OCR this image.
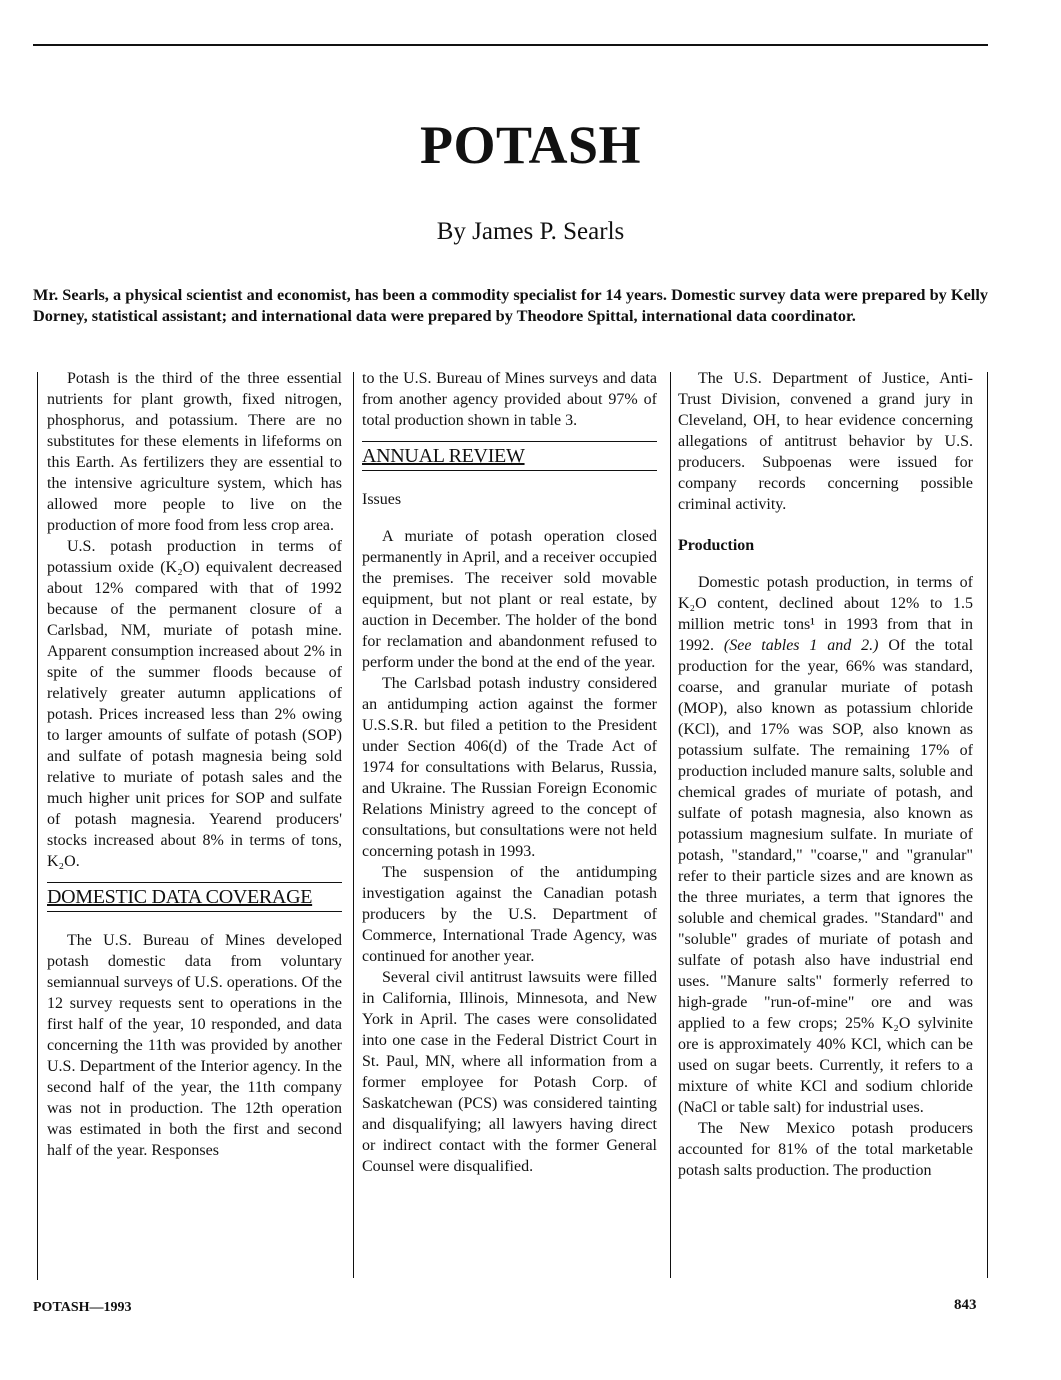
POTASH
By James P. Searls
Mr. Searls, a physical scientist and economist, has been a commodity specialist for 14 years. Domestic survey data were prepared by Kelly Dorney, statistical assistant; and international data were prepared by Theodore Spittal, international data coordinator.

Potash is the third of the three essential nutrients for plant growth, fixed nitrogen, phosphorus, and potassium. There are no substitutes for these elements in lifeforms on this Earth. As fertilizers they are essential to the intensive agriculture system, which has allowed more people to live on the production of more food from less crop area.

U.S. potash production in terms of potassium oxide (K₂O) equivalent decreased about 12% compared with that of 1992 because of the permanent closure of a Carlsbad, NM, muriate of potash mine. Apparent consumption increased about 2% in spite of the summer floods because of relatively greater autumn applications of potash. Prices increased less than 2% owing to larger amounts of sulfate of potash (SOP) and sulfate of potash magnesia being sold relative to muriate of potash sales and the much higher unit prices for SOP and sulfate of potash magnesia. Yearend producers' stocks increased about 8% in terms of tons, K₂O.

DOMESTIC DATA COVERAGE

The U.S. Bureau of Mines developed potash domestic data from voluntary semiannual surveys of U.S. operations. Of the 12 survey requests sent to operations in the first half of the year, 10 responded, and data concerning the 11th was provided by another U.S. Department of the Interior agency. In the second half of the year, the 11th company was not in production. The 12th operation was estimated in both the first and second half of the year. Responses

to the U.S. Bureau of Mines surveys and data from another agency provided about 97% of total production shown in table 3.

ANNUAL REVIEW
Issues

A muriate of potash operation closed permanently in April, and a receiver occupied the premises. The receiver sold movable equipment, but not plant or real estate, by auction in December. The holder of the bond for reclamation and abandonment refused to perform under the bond at the end of the year.

The Carlsbad potash industry considered an antidumping action against the former U.S.S.R. but filed a petition to the President under Section 406(d) of the Trade Act of 1974 for consultations with Belarus, Russia, and Ukraine. The Russian Foreign Economic Relations Ministry agreed to the concept of consultations, but consultations were not held concerning potash in 1993.

The suspension of the antidumping investigation against the Canadian potash producers by the U.S. Department of Commerce, International Trade Agency, was continued for another year.

Several civil antitrust lawsuits were filled in California, Illinois, Minnesota, and New York in April. The cases were consolidated into one case in the Federal District Court in St. Paul, MN, where all information from a former employee for Potash Corp. of Saskatchewan (PCS) was considered tainting and disqualifying; all lawyers having direct or indirect contact with the former General Counsel were disqualified.

The U.S. Department of Justice, Anti-Trust Division, convened a grand jury in Cleveland, OH, to hear evidence concerning allegations of antitrust behavior by U.S. producers. Subpoenas were issued for company records concerning possible criminal activity.

Production

Domestic potash production, in terms of K₂O content, declined about 12% to 1.5 million metric tons¹ in 1993 from that in 1992. (See tables 1 and 2.) Of the total production for the year, 66% was standard, coarse, and granular muriate of potash (MOP), also known as potassium chloride (KCl), and 17% was SOP, also known as potassium sulfate. The remaining 17% of production included manure salts, soluble and chemical grades of muriate of potash, and sulfate of potash magnesia, also known as potassium magnesium sulfate. In muriate of potash, "standard," "coarse," and "granular" refer to their particle sizes and are known as the three muriates, a term that ignores the soluble and chemical grades. "Standard" and "soluble" grades of muriate of potash and sulfate of potash also have industrial end uses. "Manure salts" formerly referred to high-grade "run-of-mine" ore and was applied to a few crops; 25% K₂O sylvinite ore is approximately 40% KCl, which can be used on sugar beets. Currently, it refers to a mixture of white KCl and sodium chloride (NaCl or table salt) for industrial uses.

The New Mexico potash producers accounted for 81% of the total marketable potash salts production. The production

POTASH—1993	843
